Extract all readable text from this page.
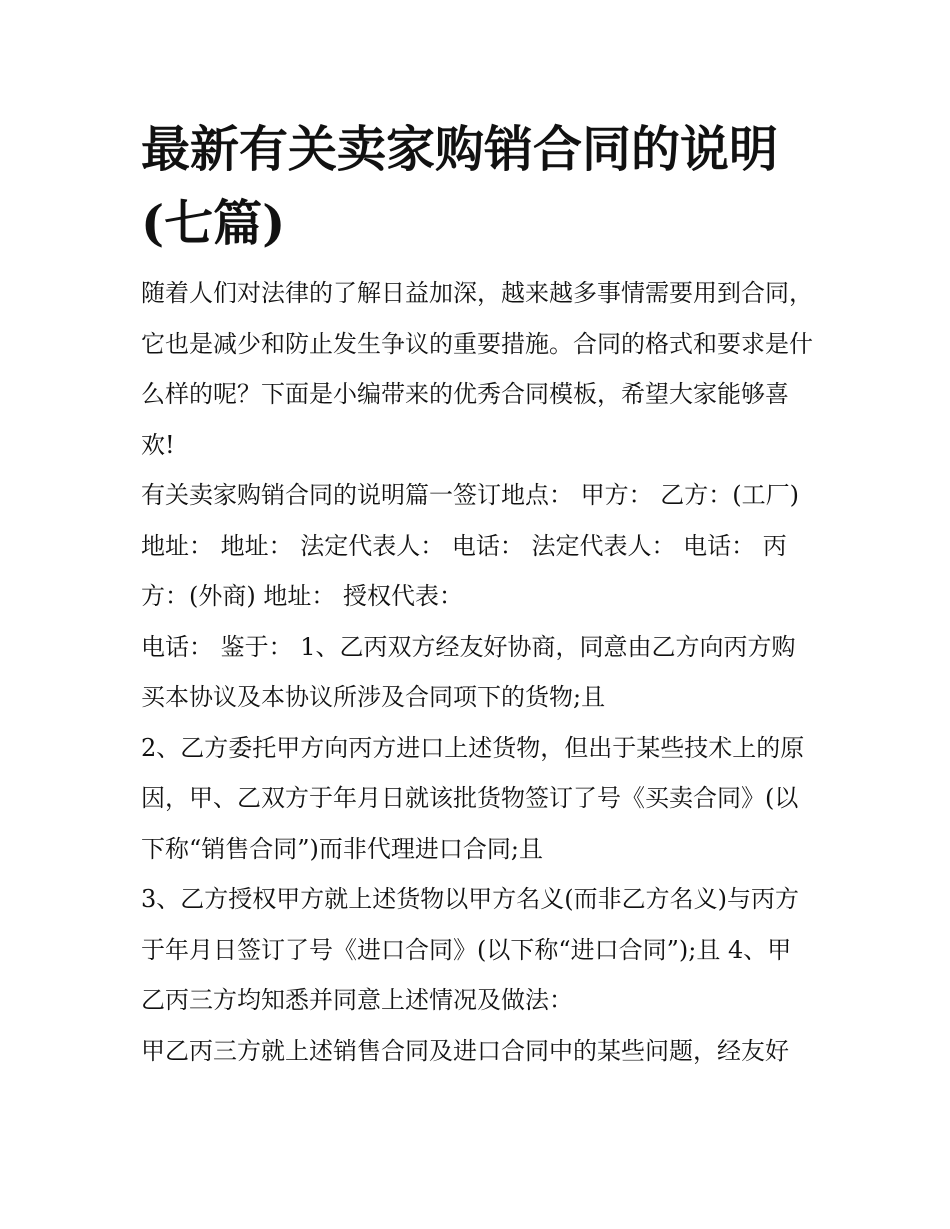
最新有关卖家购销合同的说明(七篇)

随着人们对法律的了解日益加深，越来越多事情需要用到合同，它也是减少和防止发生争议的重要措施。合同的格式和要求是什么样的呢？下面是小编带来的优秀合同模板，希望大家能够喜欢!

有关卖家购销合同的说明篇一签订地点： 甲方： 乙方：(工厂) 地址： 地址： 法定代表人： 电话： 法定代表人： 电话： 丙方：(外商) 地址： 授权代表：

电话： 鉴于： 1、乙丙双方经友好协商，同意由乙方向丙方购买本协议及本协议所涉及合同项下的货物;且

2、乙方委托甲方向丙方进口上述货物，但出于某些技术上的原因，甲、乙双方于年月日就该批货物签订了号《买卖合同》(以下称“销售合同”)而非代理进口合同;且

3、乙方授权甲方就上述货物以甲方名义(而非乙方名义)与丙方于年月日签订了号《进口合同》(以下称“进口合同”);且 4、甲乙丙三方均知悉并同意上述情况及做法：

甲乙丙三方就上述销售合同及进口合同中的某些问题，经友好
